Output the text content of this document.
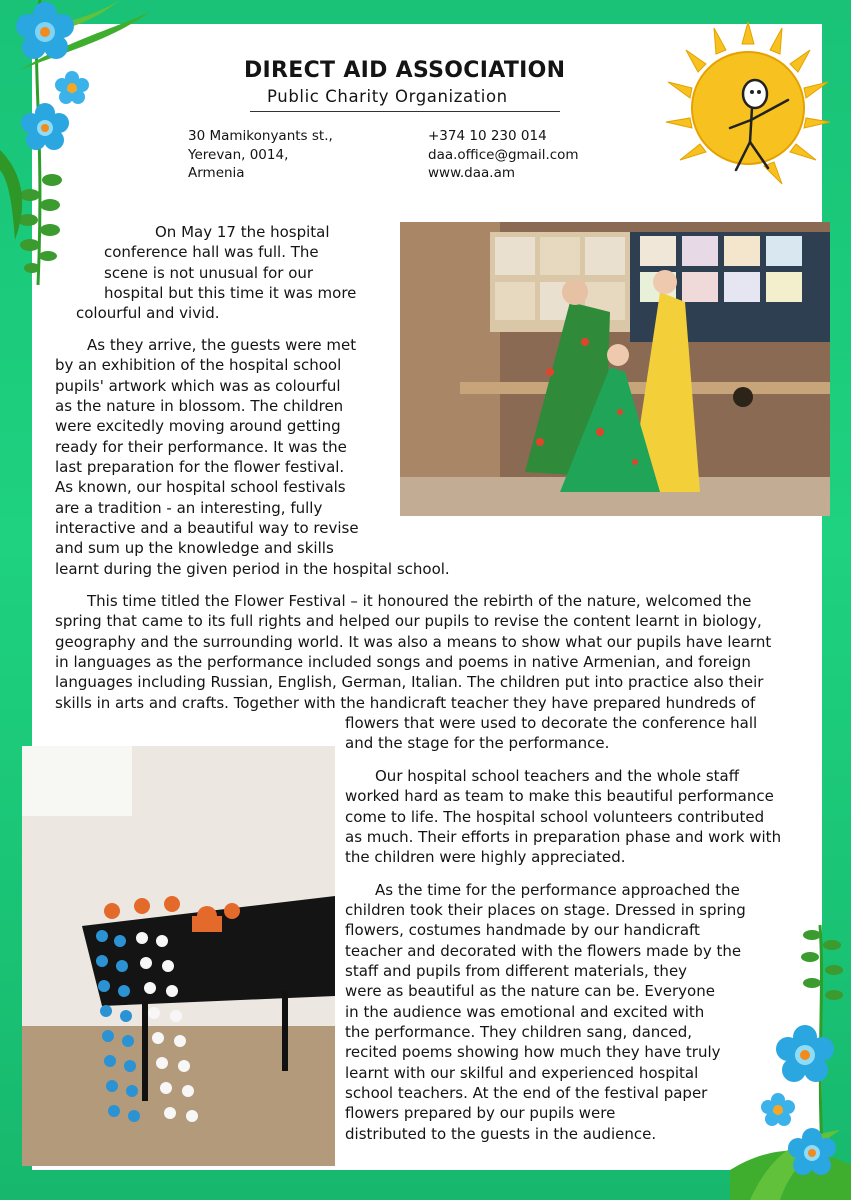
DIRECT AID ASSOCIATION
Public Charity Organization
30 Mamikonyants st.,
Yerevan, 0014,
Armenia
+374 10 230 014
daa.office@gmail.com
www.daa.am
On May 17 the hospital
conference hall was full. The
scene is not unusual for our
hospital but this time it was more
colourful and vivid.
As they arrive, the guests were met
by an exhibition of the hospital school
pupils' artwork which was as colourful
as the nature in blossom. The children
were excitedly moving around getting
ready for their performance. It was the
last preparation for the flower festival.
As known, our hospital school festivals
are a tradition - an interesting, fully
interactive and a beautiful way to revise
and sum up the knowledge and skills
learnt during the given period in the hospital school.
This time titled the Flower Festival – it honoured the rebirth of the nature, welcomed the
spring that came to its full rights and helped our pupils to revise the content learnt in biology,
geography and the surrounding world. It was also a means to show what our pupils have learnt
in languages as the performance included songs and poems in native Armenian, and foreign
languages including Russian, English, German, Italian. The children put into practice also their
skills in arts and crafts. Together with the handicraft teacher they have prepared hundreds of
flowers that were used to decorate the conference hall
and the stage for the performance.
Our hospital school teachers and the whole staff
worked hard as team to make this beautiful performance
come to life. The hospital school volunteers contributed
as much. Their efforts in preparation phase and work with
the children were highly appreciated.
As the time for the performance approached the
children took their places on stage. Dressed in spring
flowers, costumes handmade by our handicraft
teacher and decorated with the flowers made by the
staff and pupils from different materials, they
were as beautiful as the nature can be. Everyone
in the audience was emotional and excited with
the performance. They children sang, danced,
recited poems showing how much they have truly
learnt with our skilful and experienced hospital
school teachers. At the end of the festival paper
flowers prepared by our pupils were
distributed to the guests in the audience.
